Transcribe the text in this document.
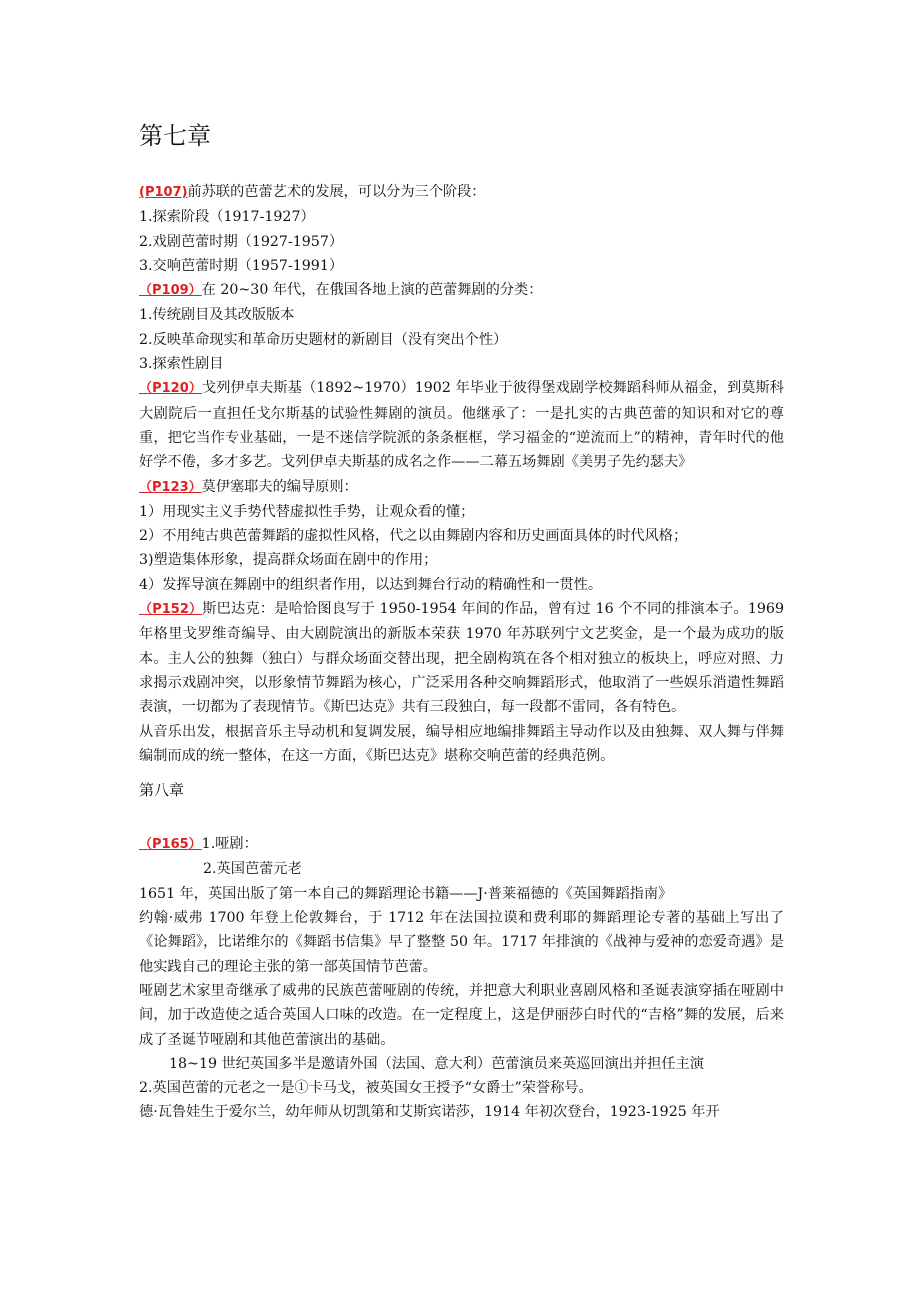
第七章

(P107)前苏联的芭蕾艺术的发展，可以分为三个阶段：

1.探索阶段（1917-1927）

2.戏剧芭蕾时期（1927-1957）

3.交响芭蕾时期（1957-1991）

（P109）在 20~30 年代，在俄国各地上演的芭蕾舞剧的分类：

1.传统剧目及其改版版本

2.反映革命现实和革命历史题材的新剧目（没有突出个性）

3.探索性剧目

（P120）戈列伊卓夫斯基（1892~1970）1902 年毕业于彼得堡戏剧学校舞蹈科师从福金，到莫斯科大剧院后一直担任戈尔斯基的试验性舞剧的演员。他继承了：一是扎实的古典芭蕾的知识和对它的尊重，把它当作专业基础，一是不迷信学院派的条条框框，学习福金的“逆流而上”的精神，青年时代的他好学不倦，多才多艺。戈列伊卓夫斯基的成名之作——二幕五场舞剧《美男子先约瑟夫》

（P123）莫伊塞耶夫的编导原则：

1）用现实主义手势代替虚拟性手势，让观众看的懂；

2）不用纯古典芭蕾舞蹈的虚拟性风格，代之以由舞剧内容和历史画面具体的时代风格；

3)塑造集体形象，提高群众场面在剧中的作用；

4）发挥导演在舞剧中的组织者作用，以达到舞台行动的精确性和一贯性。

（P152）斯巴达克：是哈恰图良写于 1950-1954 年间的作品，曾有过 16 个不同的排演本子。1969 年格里戈罗维奇编导、由大剧院演出的新版本荣获 1970 年苏联列宁文艺奖金，是一个最为成功的版本。主人公的独舞（独白）与群众场面交替出现，把全剧构筑在各个相对独立的板块上，呼应对照、力求揭示戏剧冲突，以形象情节舞蹈为核心，广泛采用各种交响舞蹈形式，他取消了一些娱乐消遣性舞蹈表演，一切都为了表现情节。《斯巴达克》共有三段独白，每一段都不雷同，各有特色。

从音乐出发，根据音乐主导动机和复调发展，编导相应地编排舞蹈主导动作以及由独舞、双人舞与伴舞编制而成的统一整体，在这一方面，《斯巴达克》堪称交响芭蕾的经典范例。

第八章

（P165）1.哑剧：

2.英国芭蕾元老

1651 年，英国出版了第一本自己的舞蹈理论书籍——J·普莱福德的《英国舞蹈指南》

约翰·威弗 1700 年登上伦敦舞台，于 1712 年在法国拉谟和费利耶的舞蹈理论专著的基础上写出了《论舞蹈》，比诺维尔的《舞蹈书信集》早了整整 50 年。1717 年排演的《战神与爱神的恋爱奇遇》是他实践自己的理论主张的第一部英国情节芭蕾。

哑剧艺术家里奇继承了威弗的民族芭蕾哑剧的传统，并把意大利职业喜剧风格和圣诞表演穿插在哑剧中间，加于改造使之适合英国人口味的改造。在一定程度上，这是伊丽莎白时代的“吉格”舞的发展，后来成了圣诞节哑剧和其他芭蕾演出的基础。

18~19 世纪英国多半是邀请外国（法国、意大利）芭蕾演员来英巡回演出并担任主演

2.英国芭蕾的元老之一是①卡马戈，被英国女王授予“女爵士”荣誉称号。

德·瓦鲁娃生于爱尔兰，幼年师从切凯第和艾斯宾诺莎，1914 年初次登台，1923-1925 年开
